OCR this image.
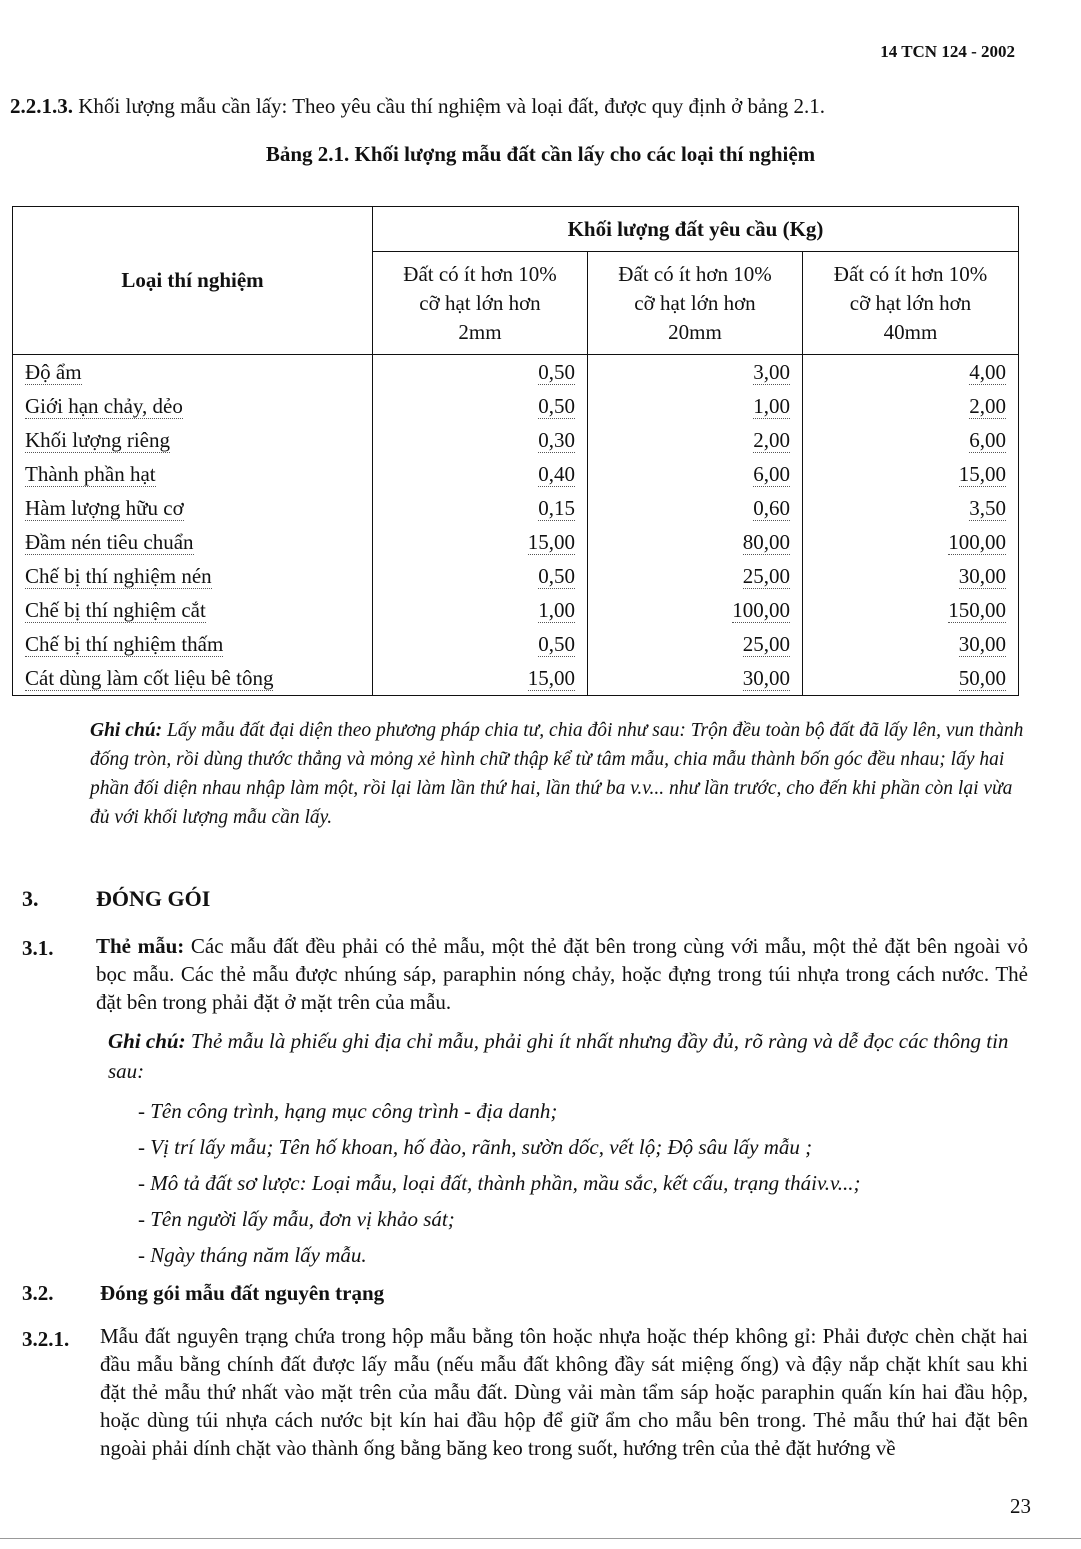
14 TCN 124 - 2002

2.2.1.3. Khối lượng mẫu cần lấy: Theo yêu cầu thí nghiệm và loại đất, được quy định ở bảng 2.1.

Bảng 2.1. Khối lượng mẫu đất cần lấy cho các loại thí nghiệm
Loại thí nghiệm	Khối lượng đất yêu cầu (Kg)		
	Đất có ít hơn 10%
cỡ hạt lớn hơn
2mm	Đất có ít hơn 10%
cỡ hạt lớn hơn
20mm	Đất có ít hơn 10%
cỡ hạt lớn hơn
40mm
Độ ẩm	0,50	3,00	4,00
Giới hạn chảy, dẻo	0,50	1,00	2,00
Khối lượng riêng	0,30	2,00	6,00
Thành phần hạt	0,40	6,00	15,00
Hàm lượng hữu cơ	0,15	0,60	3,50
Đầm nén tiêu chuẩn	15,00	80,00	100,00
Chế bị thí nghiệm nén	0,50	25,00	30,00
Chế bị thí nghiệm cắt	1,00	100,00	150,00
Chế bị thí nghiệm thấm	0,50	25,00	30,00
Cát dùng làm cốt liệu bê tông	15,00	30,00	50,00

Ghi chú: Lấy mẫu đất đại diện theo phương pháp chia tư, chia đôi như sau: Trộn đều toàn bộ đất đã lấy lên, vun thành đống tròn, rồi dùng thước thẳng và mỏng xẻ hình chữ thập kể từ tâm mẫu, chia mẫu thành bốn góc đều nhau; lấy hai phần đối diện nhau nhập làm một, rồi lại làm lần thứ hai, lần thứ ba v.v... như lần trước, cho đến khi phần còn lại vừa đủ với khối lượng mẫu cần lấy.

3.	ĐÓNG GÓI
3.1. Thẻ mẫu: Các mẫu đất đều phải có thẻ mẫu, một thẻ đặt bên trong cùng với mẫu, một thẻ đặt bên ngoài vỏ bọc mẫu. Các thẻ mẫu được nhúng sáp, paraphin nóng chảy, hoặc đựng trong túi nhựa trong cách nước. Thẻ đặt bên trong phải đặt ở mặt trên của mẫu.

Ghi chú: Thẻ mẫu là phiếu ghi địa chỉ mẫu, phải ghi ít nhất nhưng đầy đủ, rõ ràng và dễ đọc các thông tin sau:

- Tên công trình, hạng mục công trình - địa danh;
- Vị trí lấy mẫu; Tên hố khoan, hố đào, rãnh, sườn dốc, vết lộ; Độ sâu lấy mẫu ;
- Mô tả đất sơ lược: Loại mẫu, loại đất, thành phần, mầu sắc, kết cấu, trạng tháiv.v...;
- Tên người lấy mẫu, đơn vị khảo sát;
- Ngày tháng năm lấy mẫu.
3.2. Đóng gói mẫu đất nguyên trạng
3.2.1. Mẫu đất nguyên trạng chứa trong hộp mẫu bằng tôn hoặc nhựa hoặc thép không gỉ: Phải được chèn chặt hai đầu mẫu bằng chính đất được lấy mẫu (nếu mẫu đất không đầy sát miệng ống) và đậy nắp chặt khít sau khi đặt thẻ mẫu thứ nhất vào mặt trên của mẫu đất. Dùng vải màn tẩm sáp hoặc paraphin quấn kín hai đầu hộp, hoặc dùng túi nhựa cách nước bịt kín hai đầu hộp để giữ ẩm cho mẫu bên trong. Thẻ mẫu thứ hai đặt bên ngoài phải dính chặt vào thành ống bằng băng keo trong suốt, hướng trên của thẻ đặt hướng về

23
